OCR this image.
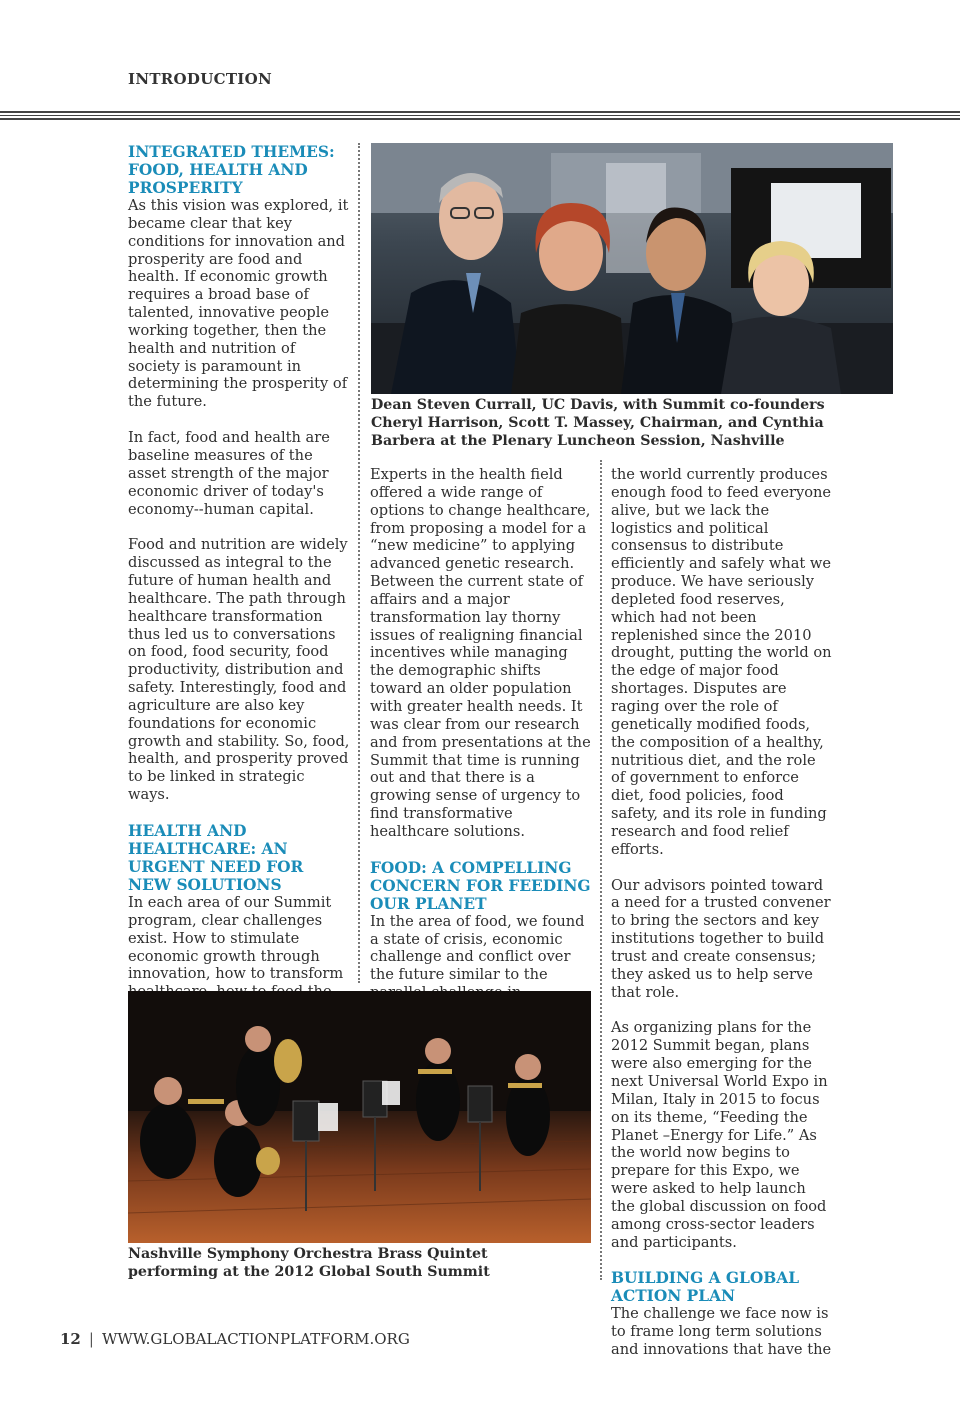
INTRODUCTION

INTEGRATED THEMES:
FOOD, HEALTH AND
PROSPERITY

As this vision was explored, it became clear that key conditions for innovation and prosperity are food and health. If economic growth requires a broad base of talented, innovative people working together, then the health and nutrition of society is paramount in determining the prosperity of the future.

In fact, food and health are baseline measures of the asset strength of the major economic driver of today's economy--human capital.

Food and nutrition are widely discussed as integral to the future of human health and healthcare. The path through healthcare transformation thus led us to conversations on food, food security, food productivity, distribution and safety. Interestingly, food and agriculture are also key foundations for economic growth and stability. So, food, health, and prosperity proved to be linked in strategic ways.

HEALTH AND HEALTHCARE: AN URGENT NEED FOR NEW SOLUTIONS

In each area of our Summit program, clear challenges exist. How to stimulate economic growth through innovation, how to transform

Dean Steven Currall, UC Davis, with Summit co-founders Cheryl Harrison, Scott T. Massey, Chairman, and Cynthia Barbera at the Plenary Luncheon Session, Nashville

Experts in the health field offered a wide range of options to change healthcare, from proposing a model for a “new medicine” to applying advanced genetic research. Between the current state of affairs and a major transformation lay thorny issues of realigning financial incentives while managing the demographic shifts toward an older population with greater health needs. It was clear from our research and from presentations at the Summit that time is running out and that there is a growing sense of urgency to find transformative healthcare solutions.

FOOD: A COMPELLING CONCERN FOR FEEDING OUR PLANET

In the area of food, we found a state of crisis, economic challenge and conflict over the future similar to the

the world currently produces enough food to feed everyone alive, but we lack the logistics and political consensus to distribute efficiently and safely what we produce. We have seriously depleted food reserves, which had not been replenished since the 2010 drought, putting the world on the edge of major food shortages. Disputes are raging over the role of genetically modified foods, the composition of a healthy, nutritious diet, and the role of government to enforce diet, food policies, food safety, and its role in funding research and food relief efforts.

Our advisors pointed toward a need for a trusted convener to bring the sectors and key institutions together to build trust and create consensus; they asked us to help serve that role.

As organizing plans for the 2012 Summit began, plans were also emerging for the next Universal World Expo in Milan, Italy in 2015 to focus on its theme, “Feeding the Planet –Energy for Life.” As the world now begins to prepare for this Expo, we were asked to help launch the global discussion on food among cross-sector leaders and participants.

BUILDING A GLOBAL ACTION PLAN

The challenge we face now is to frame long term solutions and innovations that have the

Nashville Symphony Orchestra Brass Quintet performing at the 2012 Global South Summit

12 | WWW.GLOBALACTIONPLATFORM.ORG
